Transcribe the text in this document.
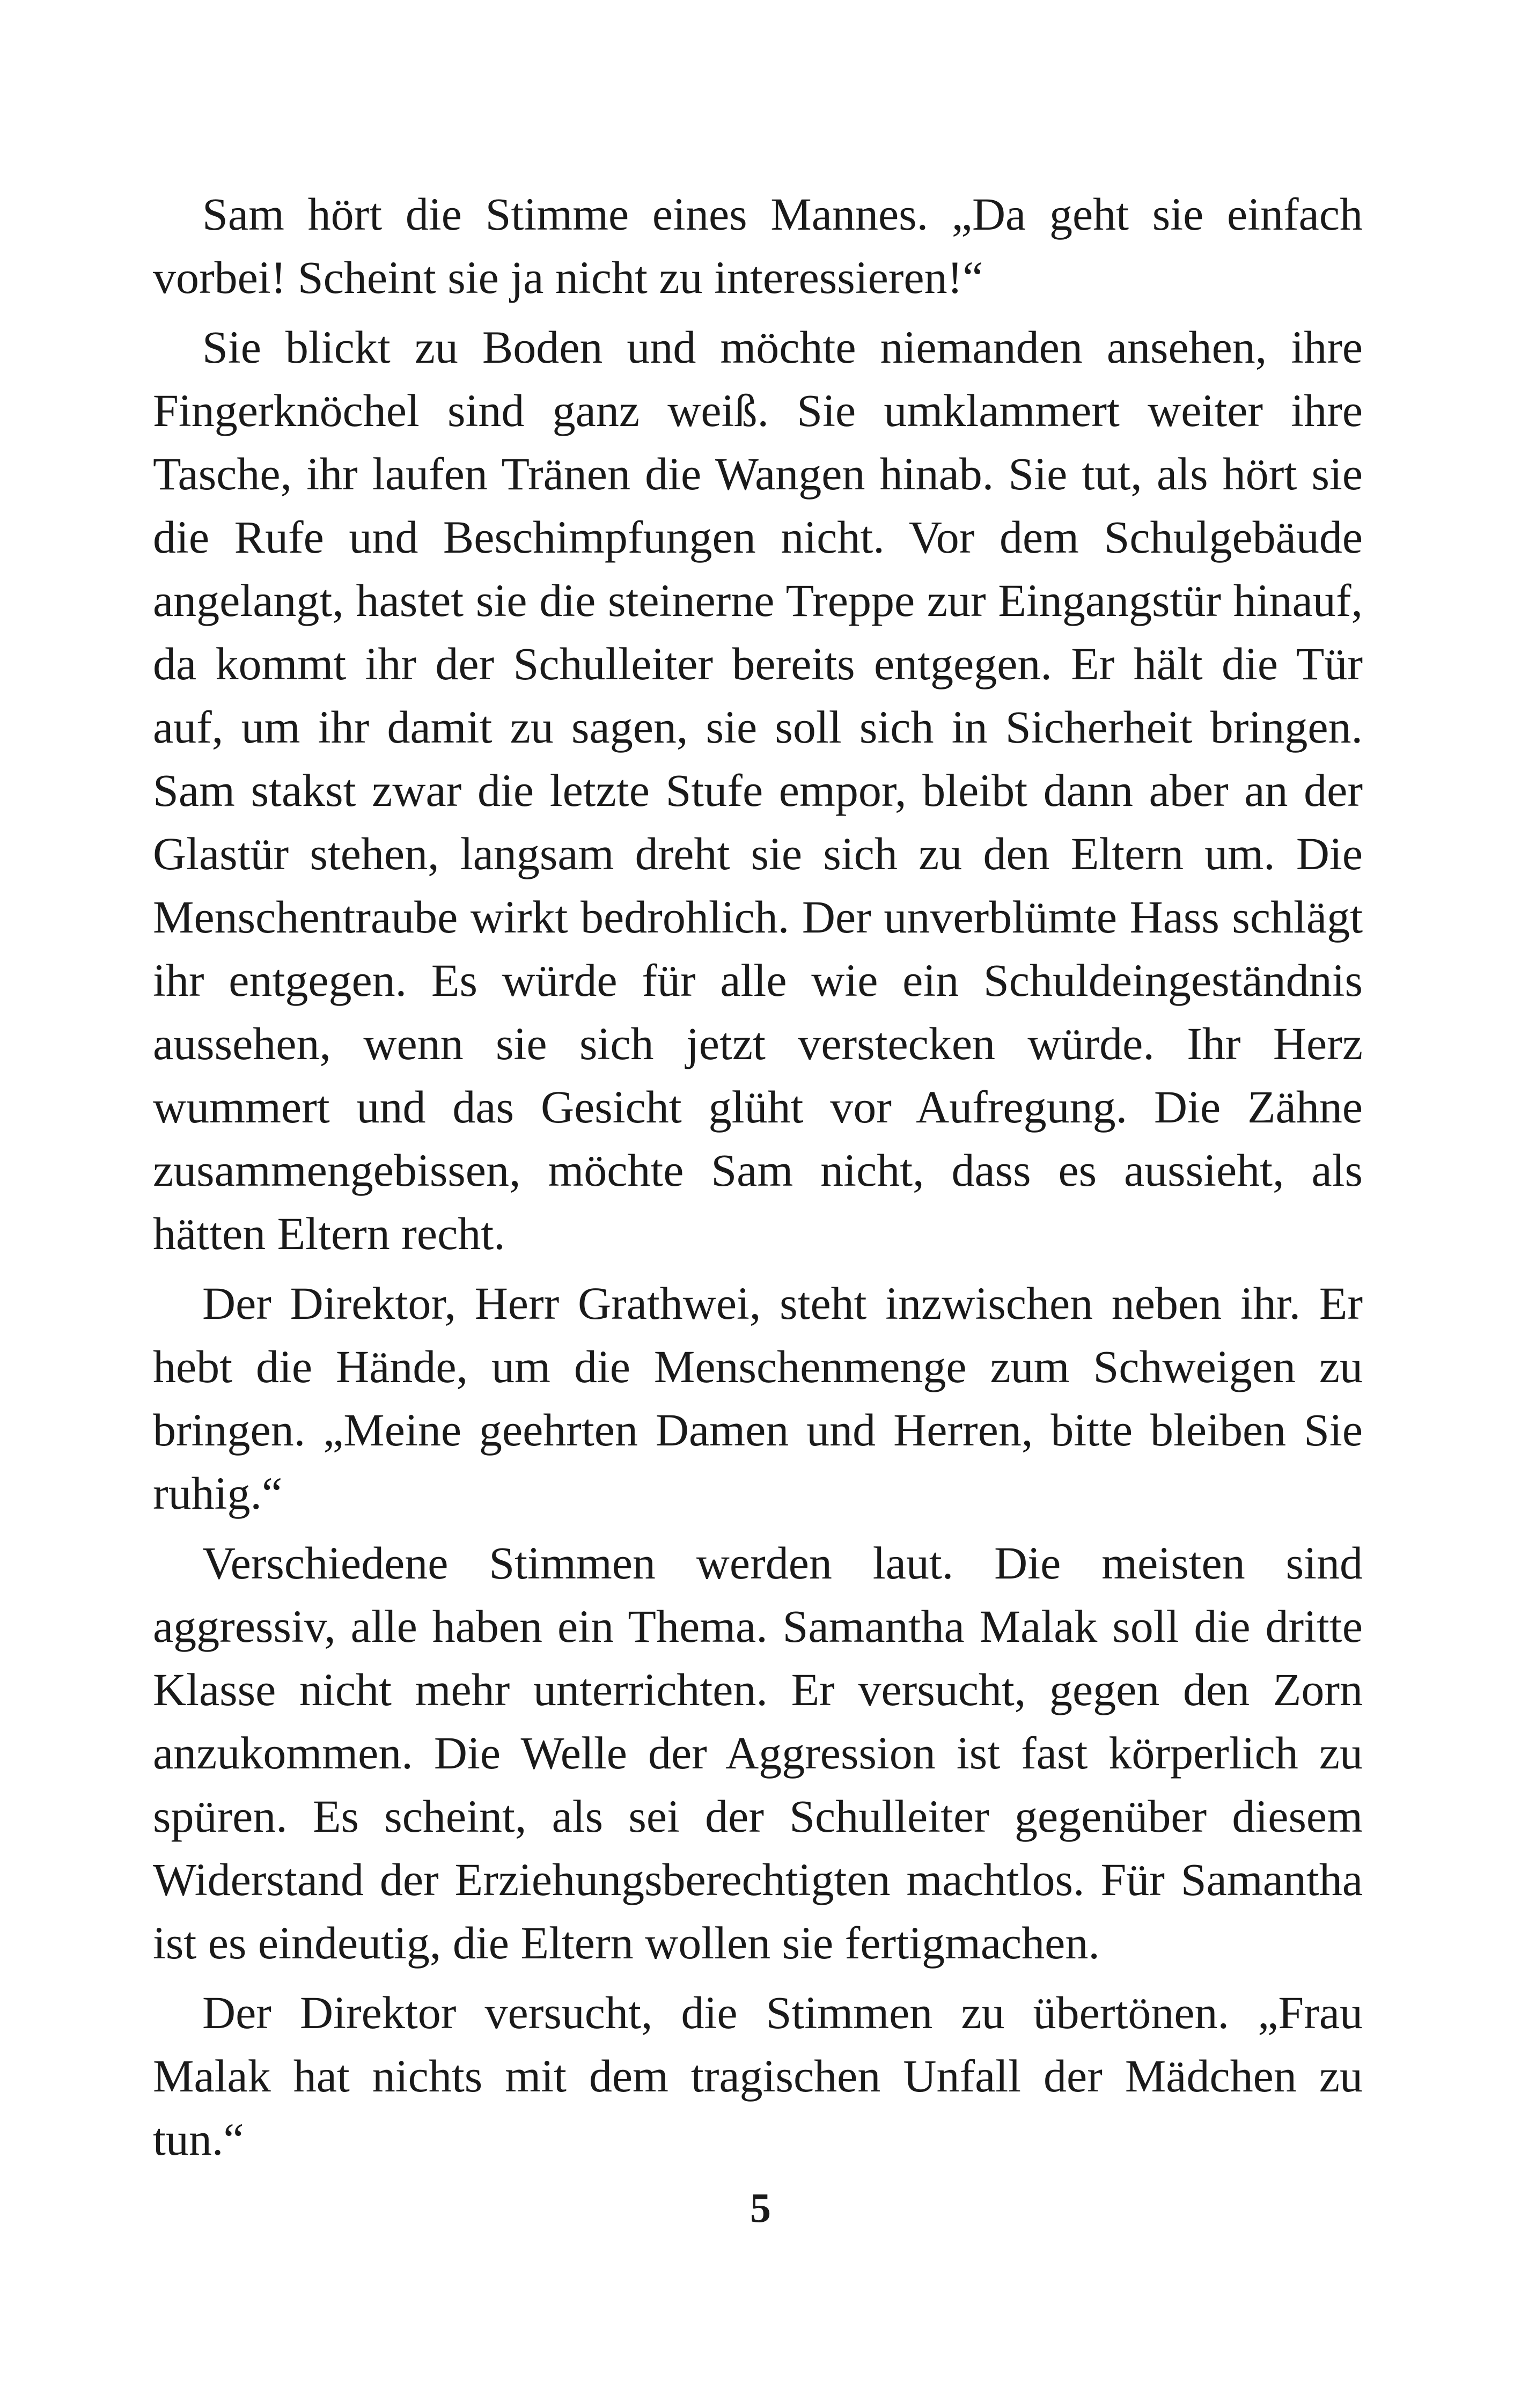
Sam hört die Stimme eines Mannes. „Da geht sie einfach vorbei! Scheint sie ja nicht zu interessieren!“

Sie blickt zu Boden und möchte niemanden ansehen, ihre Fingerknöchel sind ganz weiß. Sie umklammert weiter ihre Tasche, ihr laufen Tränen die Wangen hinab. Sie tut, als hört sie die Rufe und Beschimpfungen nicht. Vor dem Schulgebäude angelangt, hastet sie die steinerne Treppe zur Eingangstür hinauf, da kommt ihr der Schulleiter bereits entgegen. Er hält die Tür auf, um ihr damit zu sagen, sie soll sich in Sicherheit bringen. Sam stakst zwar die letzte Stufe empor, bleibt dann aber an der Glastür stehen, langsam dreht sie sich zu den Eltern um. Die Menschentraube wirkt bedrohlich. Der unverblümte Hass schlägt ihr entgegen. Es würde für alle wie ein Schuldeingeständnis aussehen, wenn sie sich jetzt verstecken würde. Ihr Herz wummert und das Gesicht glüht vor Aufregung. Die Zähne zusammengebissen, möchte Sam nicht, dass es aussieht, als hätten Eltern recht.

Der Direktor, Herr Grathwei, steht inzwischen neben ihr. Er hebt die Hände, um die Menschenmenge zum Schweigen zu bringen. „Meine geehrten Damen und Herren, bitte bleiben Sie ruhig.“

Verschiedene Stimmen werden laut. Die meisten sind aggressiv, alle haben ein Thema. Samantha Malak soll die dritte Klasse nicht mehr unterrichten. Er versucht, gegen den Zorn anzukommen. Die Welle der Aggression ist fast körperlich zu spüren. Es scheint, als sei der Schulleiter gegenüber diesem Widerstand der Erziehungsberechtigten machtlos. Für Samantha ist es eindeutig, die Eltern wollen sie fertigmachen.

Der Direktor versucht, die Stimmen zu übertönen. „Frau Malak hat nichts mit dem tragischen Unfall der Mädchen zu tun.“

5
